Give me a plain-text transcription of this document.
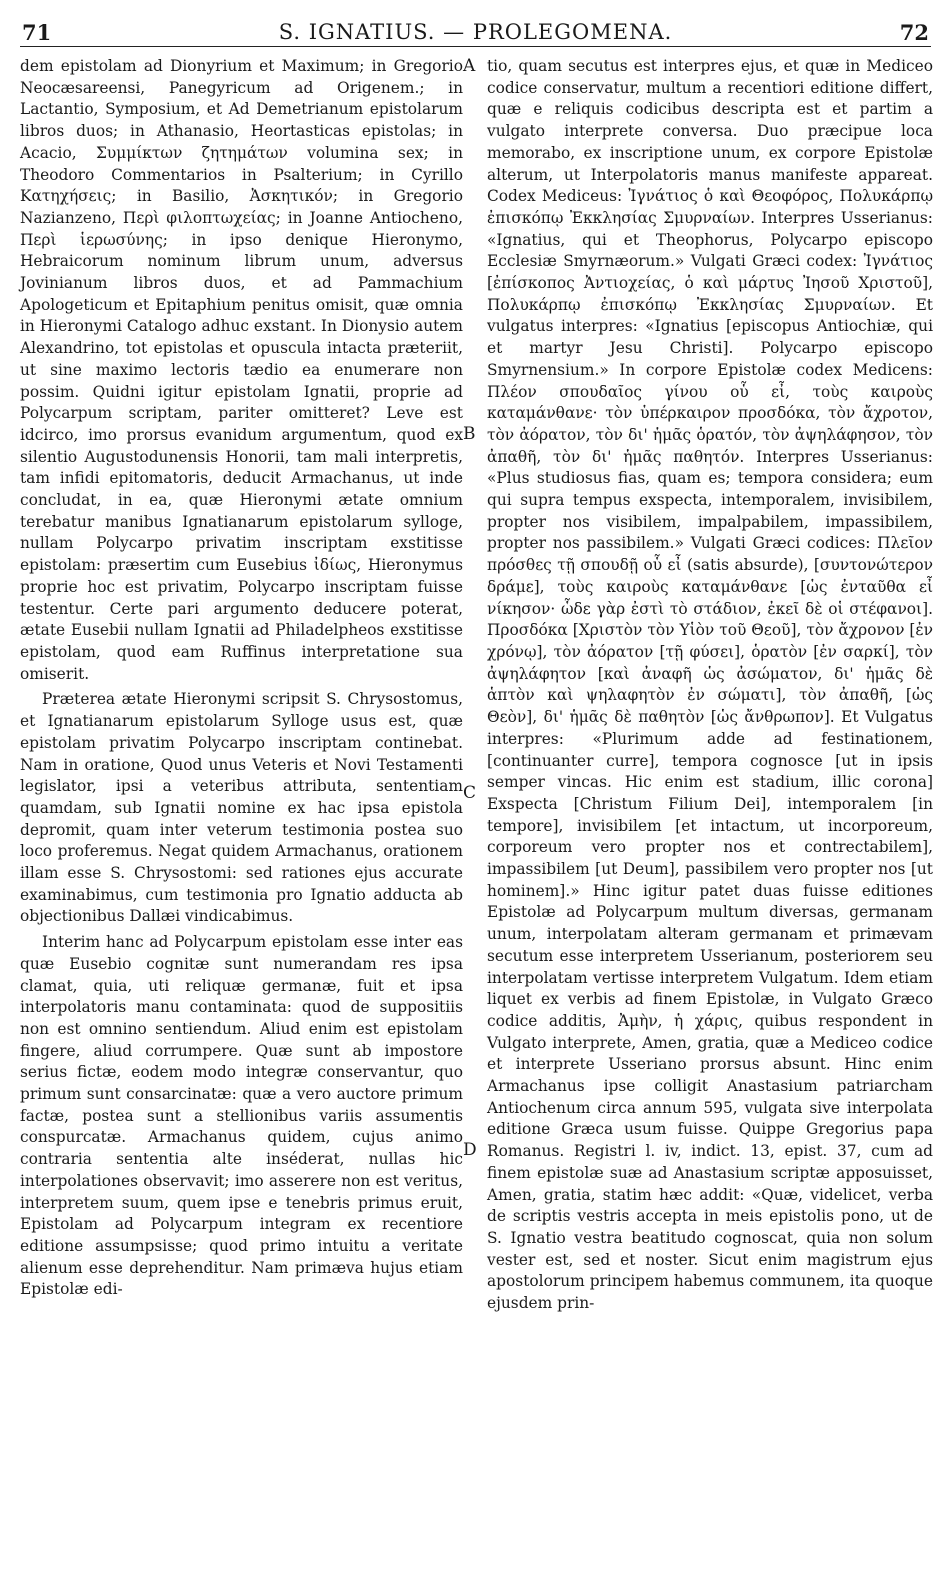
71	S. IGNATIUS. — PROLEGOMENA.	72

dem epistolam ad Dionyrium et Maximum; in Gregorio Neocæsareensi, Panegyricum ad Origenem.; in Lactantio, Symposium, et Ad Demetrianum epistolarum libros duos; in Athanasio, Heortasticas epistolas; in Acacio, Συμμίκτων ζητημάτων volumina sex; in Theodoro Commentarios in Psalterium; in Cyrillo Κατηχήσεις; in Basilio, Ἀσκητικόν; in Gregorio Nazianzeno, Περὶ φιλοπτωχείας; in Joanne Antiocheno, Περὶ ἱερωσύνης; in ipso denique Hieronymo, Hebraicorum nominum librum unum, adversus Jovinianum libros duos, et ad Pammachium Apologeticum et Epitaphium penitus omisit, quæ omnia in Hieronymi Catalogo adhuc exstant. In Dionysio autem Alexandrino, tot epistolas et opuscula intacta præteriit, ut sine maximo lectoris tædio ea enumerare non possim. Quidni igitur epistolam Ignatii, proprie ad Polycarpum scriptam, pariter omitteret? Leve est idcirco, imo prorsus evanidum argumentum, quod ex silentio Augustodunensis Honorii, tam mali interpretis, tam infidi epitomatoris, deducit Armachanus, ut inde concludat, in ea, quæ Hieronymi ætate omnium terebatur manibus Ignatianarum epistolarum sylloge, nullam Polycarpo privatim inscriptam exstitisse epistolam: præsertim cum Eusebius ἰδίως, Hieronymus proprie hoc est privatim, Polycarpo inscriptam fuisse testentur. Certe pari argumento deducere poterat, ætate Eusebii nullam Ignatii ad Philadelpheos exstitisse epistolam, quod eam Ruffinus interpretatione sua omiserit.

Præterea ætate Hieronymi scripsit S. Chrysostomus, et Ignatianarum epistolarum Sylloge usus est, quæ epistolam privatim Polycarpo inscriptam continebat. Nam in oratione, Quod unus Veteris et Novi Testamenti legislator, ipsi a veteribus attributa, sententiam quamdam, sub Ignatii nomine ex hac ipsa epistola depromit, quam inter veterum testimonia postea suo loco proferemus. Negat quidem Armachanus, orationem illam esse S. Chrysostomi: sed rationes ejus accurate examinabimus, cum testimonia pro Ignatio adducta ab objectionibus Dallæi vindicabimus.

Interim hanc ad Polycarpum epistolam esse inter eas quæ Eusebio cognitæ sunt numerandam res ipsa clamat, quia, uti reliquæ germanæ, fuit et ipsa interpolatoris manu contaminata: quod de suppositiis non est omnino sentiendum. Aliud enim est epistolam fingere, aliud corrumpere. Quæ sunt ab impostore serius fictæ, eodem modo integræ conservantur, quo primum sunt consarcinatæ: quæ a vero auctore primum factæ, postea sunt a stellionibus variis assumentis conspurcatæ. Armachanus quidem, cujus animo contraria sententia alte inséderat, nullas hic interpolationes observavit; imo asserere non est veritus, interpretem suum, quem ipse e tenebris primus eruit, Epistolam ad Polycarpum integram ex recentiore editione assumpsisse; quod primo intuitu a veritate alienum esse deprehenditur. Nam primæva hujus etiam Epistolæ edi-

A
B
C
D

tio, quam secutus est interpres ejus, et quæ in Mediceo codice conservatur, multum a recentiori editione differt, quæ e reliquis codicibus descripta est et partim a vulgato interprete conversa. Duo præcipue loca memorabo, ex inscriptione unum, ex corpore Epistolæ alterum, ut Interpolatoris manus manifeste appareat. Codex Mediceus: Ἰγνάτιος ὁ καὶ Θεοφόρος, Πολυκάρπῳ ἐπισκόπῳ Ἐκκλησίας Σμυρναίων. Interpres Usserianus: «Ignatius, qui et Theophorus, Polycarpo episcopo Ecclesiæ Smyrnæorum.» Vulgati Græci codex: Ἰγνάτιος [ἐπίσκοπος Ἀντιοχείας, ὁ καὶ μάρτυς Ἰησοῦ Χριστοῦ], Πολυκάρπῳ ἐπισκόπῳ Ἐκκλησίας Σμυρναίων. Et vulgatus interpres: «Ignatius [episcopus Antiochiæ, qui et martyr Jesu Christi]. Polycarpo episcopo Smyrnensium.» In corpore Epistolæ codex Medicens: Πλέον σπουδαῖος γίνου οὗ εἶ, τοὺς καιροὺς καταμάνθανε· τὸν ὑπέρκαιρον προσδόκα, τὸν ἄχροτον, τὸν ἀόρατον, τὸν δι' ἡμᾶς ὁρατόν, τὸν ἀψηλάφησον, τὸν ἀπαθῆ, τὸν δι' ἡμᾶς παθητόν. Interpres Usserianus: «Plus studiosus fias, quam es; tempora considera; eum qui supra tempus exspecta, intemporalem, invisibilem, propter nos visibilem, impalpabilem, impassibilem, propter nos passibilem.» Vulgati Græci codices: Πλεῖον πρόσθες τῇ σπουδῇ οὗ εἶ (satis absurde), [συντονώτερον δράμε], τοὺς καιροὺς καταμάνθανε [ὡς ἐνταῦθα εἶ νίκησον· ὧδε γὰρ ἐστὶ τὸ στάδιον, ἐκεῖ δὲ οἱ στέφανοι]. Προσδόκα [Χριστὸν τὸν Υἱὸν τοῦ Θεοῦ], τὸν ἄχρονον [ἐν χρόνῳ], τὸν ἀόρατον [τῇ φύσει], ὁρατὸν [ἐν σαρκί], τὸν ἀψηλάφητον [καὶ ἀναφῆ ὡς ἀσώματον, δι' ἡμᾶς δὲ ἁπτὸν καὶ ψηλαφητὸν ἐν σώματι], τὸν ἀπαθῆ, [ὡς Θεὸν], δι' ἡμᾶς δὲ παθητὸν [ὡς ἄνθρωπον]. Et Vulgatus interpres: «Plurimum adde ad festinationem, [continuanter curre], tempora cognosce [ut in ipsis semper vincas. Hic enim est stadium, illic corona] Exspecta [Christum Filium Dei], intemporalem [in tempore], invisibilem [et intactum, ut incorporeum, corporeum vero propter nos et contrectabilem], impassibilem [ut Deum], passibilem vero propter nos [ut hominem].» Hinc igitur patet duas fuisse editiones Epistolæ ad Polycarpum multum diversas, germanam unum, interpolatam alteram germanam et primævam secutum esse interpretem Usserianum, posteriorem seu interpolatam vertisse interpretem Vulgatum. Idem etiam liquet ex verbis ad finem Epistolæ, in Vulgato Græco codice additis, Ἀμὴν, ἡ χάρις, quibus respondent in Vulgato interprete, Amen, gratia, quæ a Mediceo codice et interprete Usseriano prorsus absunt. Hinc enim Armachanus ipse colligit Anastasium patriarcham Antiochenum circa annum 595, vulgata sive interpolata editione Græca usum fuisse. Quippe Gregorius papa Romanus. Registri l. iv, indict. 13, epist. 37, cum ad finem epistolæ suæ ad Anastasium scriptæ apposuisset, Amen, gratia, statim hæc addit: «Quæ, videlicet, verba de scriptis vestris accepta in meis epistolis pono, ut de S. Ignatio vestra beatitudo cognoscat, quia non solum vester est, sed et noster. Sicut enim magistrum ejus apostolorum principem habemus communem, ita quoque ejusdem prin-
